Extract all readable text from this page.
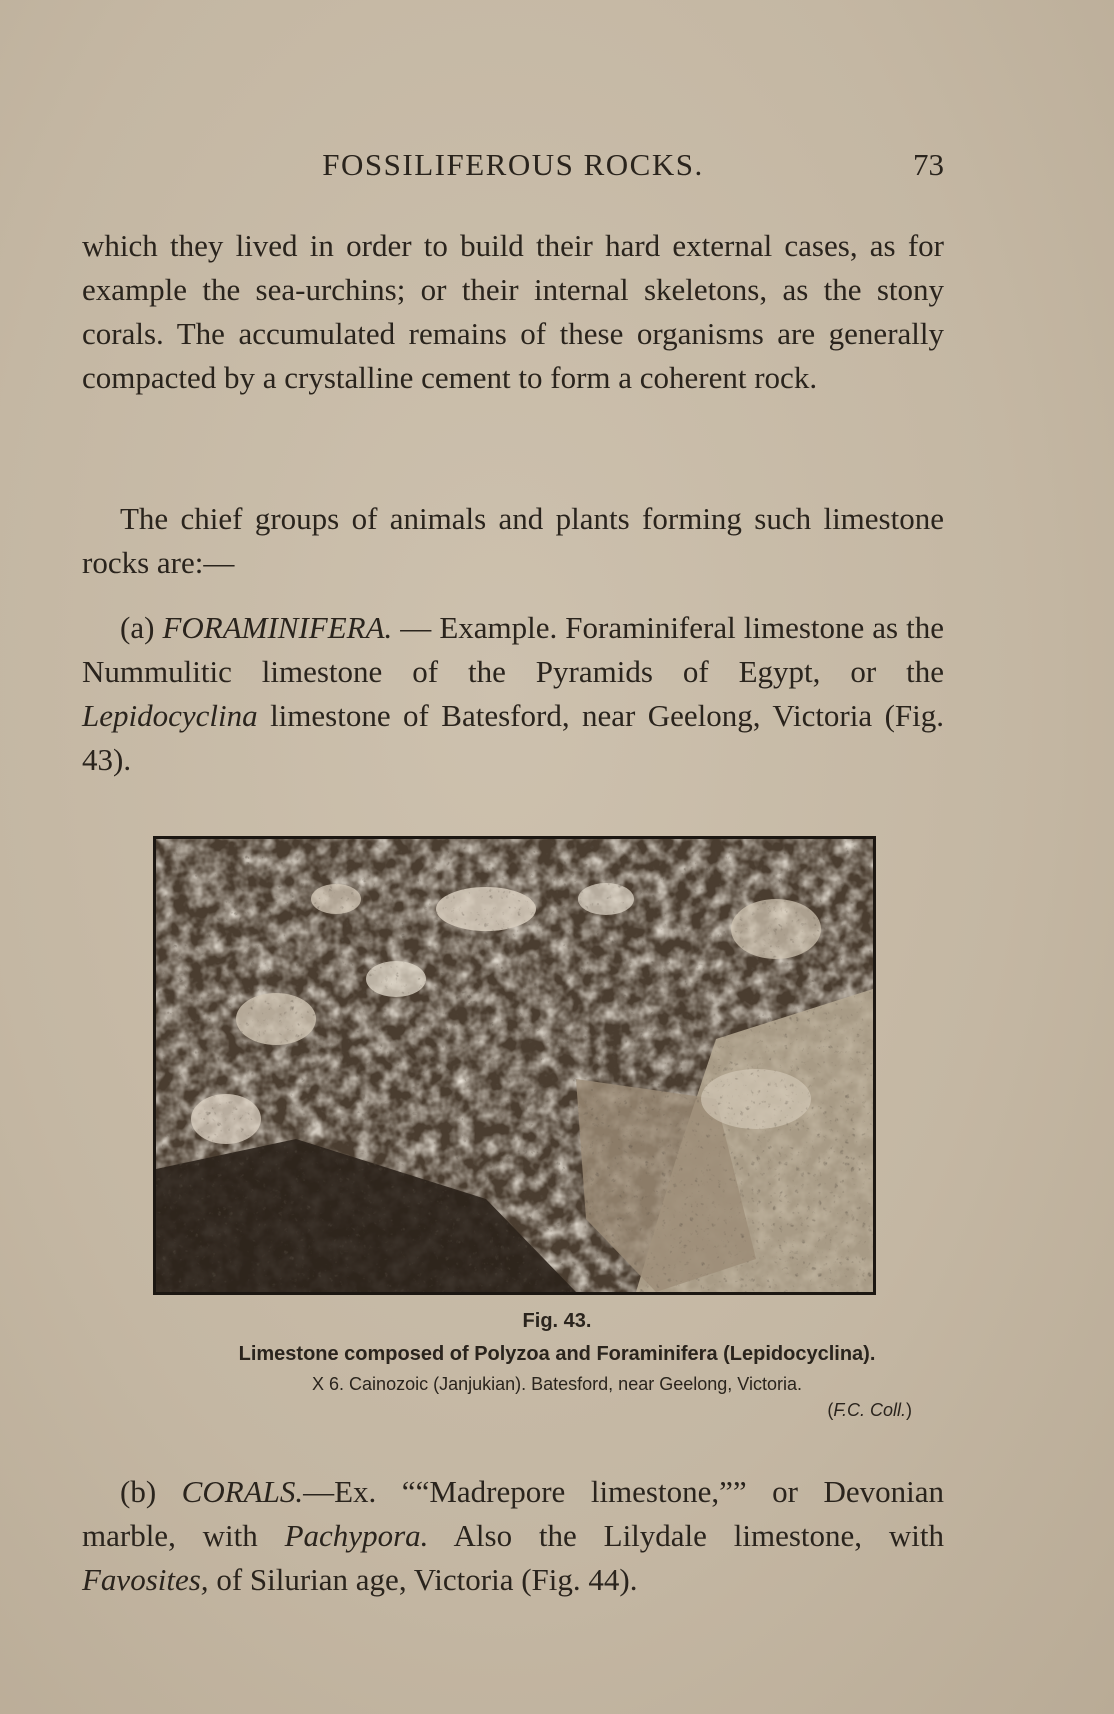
FOSSILIFEROUS ROCKS.	73

which they lived in order to build their hard external cases, as for example the sea-urchins; or their internal skeletons, as the stony corals. The accumulated remains of these organisms are generally compacted by a crystalline cement to form a coherent rock.

The chief groups of animals and plants forming such limestone rocks are:—

(a) FORAMINIFERA. — Example. Foraminiferal limestone as the Nummulitic limestone of the Pyramids of Egypt, or the Lepidocyclina limestone of Batesford, near Geelong, Victoria (Fig. 43).

Fig. 43.
Limestone composed of Polyzoa and Foraminifera (Lepidocyclina).
X 6. Cainozoic (Janjukian). Batesford, near Geelong, Victoria.
(F.C. Coll.)

(b) CORALS.—Ex. ““Madrepore limestone,”” or Devonian marble, with Pachypora. Also the Lilydale limestone, with Favosites, of Silurian age, Victoria (Fig. 44).
